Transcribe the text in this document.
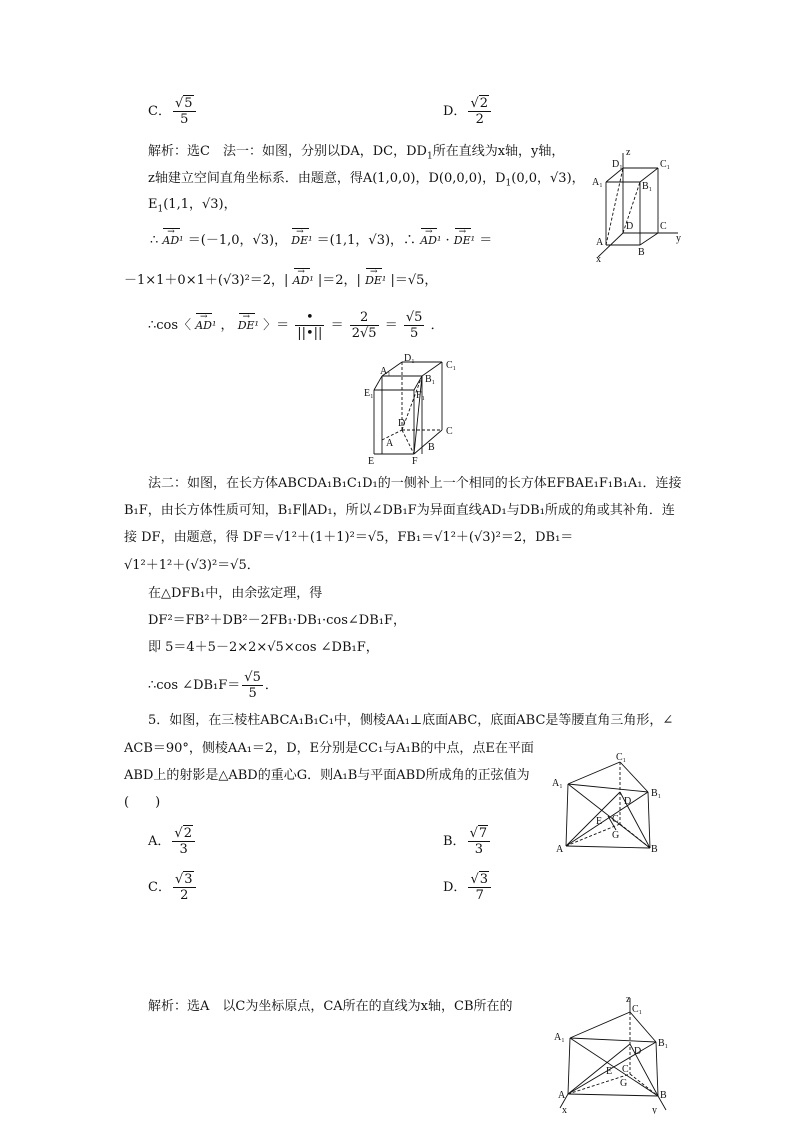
C． $\frac{√5}{5}$	D． $\frac{√2}{2}$
解析：选C　法一：如图，分别以DA，DC，$DD_1$所在直线为x轴，y轴，
z轴建立空间直角坐标系．由题意，得A(1,0,0)，D(0,0,0)，$D_1(0,0$，√3)，
$E_1(1,1$，√3)，
∴ → AD¹ ＝(－1,0，√3)， → DE¹ ＝(1,1，√3)，∴ → AD¹ · → DE¹ ＝
－1×1＋0×1＋(√3)²＝2，| → AD¹ |＝2，| → DE¹ |＝√5，
∴cos〈 → AD¹ ， → DE¹ 〉＝ $\frac{•}{||•||} = \frac{2}{2√5} = \frac{√5}{5}$ ．
z
D₁	C₁
A₁	B₁
D	C
y
A
B
x
D₁
C₁
A₁
B₁
E₁	F₁
D
C
A	B
E	F
法二：如图，在长方体ABCDA₁B₁C₁D₁的一侧补上一个相同的长方体EFBAE₁F₁B₁A₁．连接
B₁F，由长方体性质可知，B₁F∥AD₁，所以∠DB₁F为异面直线AD₁与DB₁所成的角或其补角．连
接 DF，由题意，得 DF＝√1²＋(1＋1)²＝√5，FB₁＝√1²＋(√3)²＝2，DB₁＝
√1²＋1²＋(√3)²＝√5．
在△DFB₁中，由余弦定理，得
DF²＝FB²＋DB²－2FB₁·DB₁·cos∠DB₁F，
即 5＝4＋5－2×2×√5×cos ∠DB₁F，
∴cos ∠DB₁F＝ $\frac{√5}{5}$ ．
5．如图，在三棱柱ABCA₁B₁C₁中，侧棱AA₁⊥底面ABC，底面ABC是等腰直角三角形，∠
ACB＝90°，侧棱AA₁＝2，D，E分别是CC₁与A₁B的中点，点E在平面
ABD上的射影是△ABD的重心G．则A₁B与平面ABD所成角的正弦值为
(　　)
A． $\frac{√2}{3}$	B． $\frac{√7}{3}$
C． $\frac{√3}{2}$	D． $\frac{√3}{7}$
C₁
A₁
B₁
D
C
E
G
A	B
解析：选A　以C为坐标原点，CA所在的直线为x轴，CB所在的	z
C₁
A₁
B₁
D
C
E
G
A	B
x	y
